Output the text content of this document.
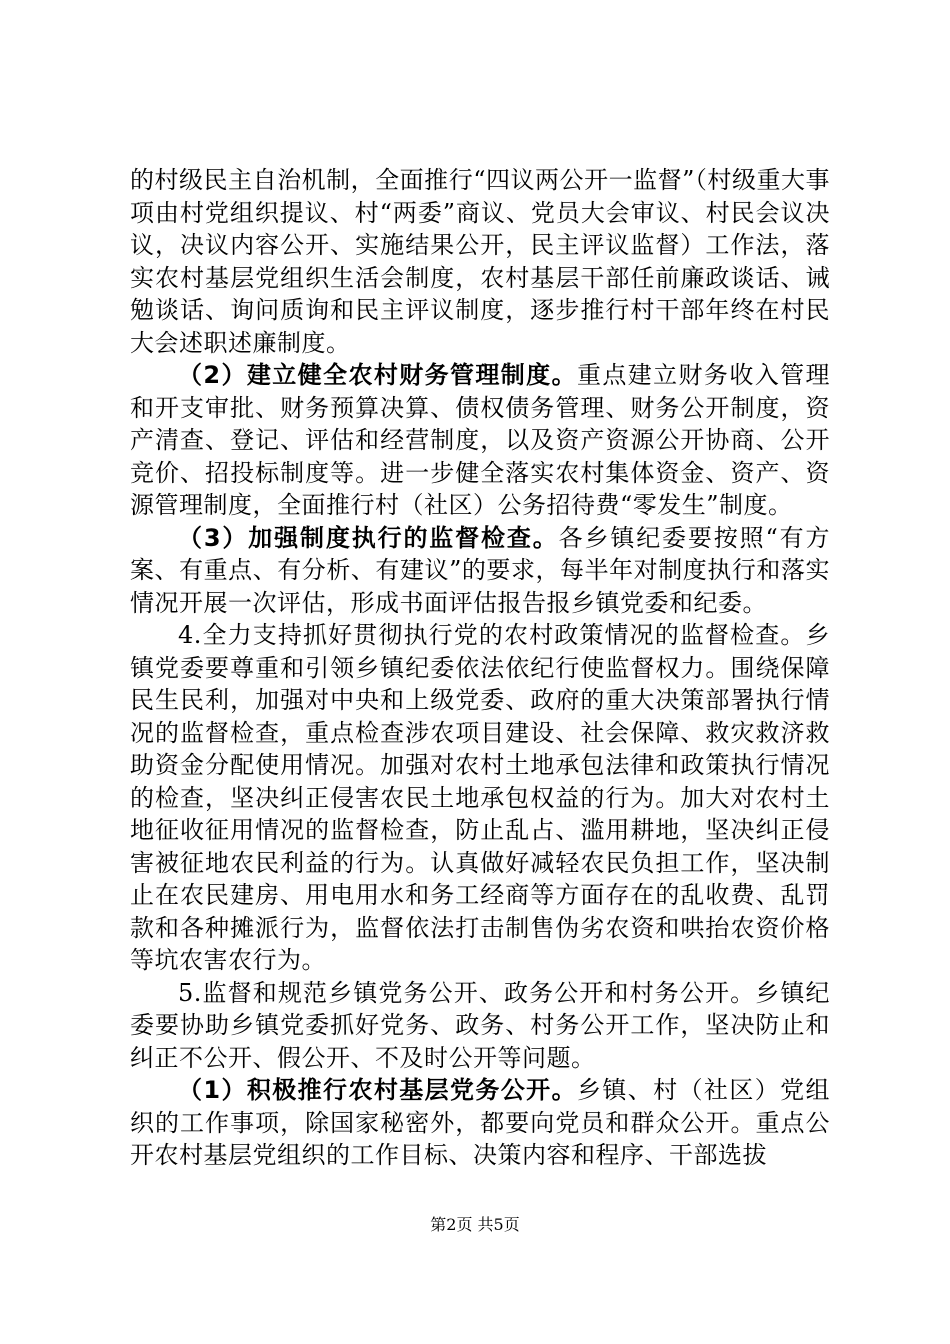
的村级民主自治机制，全面推行“四议两公开一监督”（村级重大事项由村党组织提议、村“两委”商议、党员大会审议、村民会议决议，决议内容公开、实施结果公开，民主评议监督）工作法，落实农村基层党组织生活会制度，农村基层干部任前廉政谈话、诫勉谈话、询问质询和民主评议制度，逐步推行村干部年终在村民大会述职述廉制度。

（2）建立健全农村财务管理制度。重点建立财务收入管理和开支审批、财务预算决算、债权债务管理、财务公开制度，资产清查、登记、评估和经营制度，以及资产资源公开协商、公开竞价、招投标制度等。进一步健全落实农村集体资金、资产、资源管理制度，全面推行村（社区）公务招待费“零发生”制度。

（3）加强制度执行的监督检查。各乡镇纪委要按照“有方案、有重点、有分析、有建议”的要求，每半年对制度执行和落实情况开展一次评估，形成书面评估报告报乡镇党委和纪委。

4.全力支持抓好贯彻执行党的农村政策情况的监督检查。乡镇党委要尊重和引领乡镇纪委依法依纪行使监督权力。围绕保障民生民利，加强对中央和上级党委、政府的重大决策部署执行情况的监督检查，重点检查涉农项目建设、社会保障、救灾救济救助资金分配使用情况。加强对农村土地承包法律和政策执行情况的检查，坚决纠正侵害农民土地承包权益的行为。加大对农村土地征收征用情况的监督检查，防止乱占、滥用耕地，坚决纠正侵害被征地农民利益的行为。认真做好减轻农民负担工作，坚决制止在农民建房、用电用水和务工经商等方面存在的乱收费、乱罚款和各种摊派行为，监督依法打击制售伪劣农资和哄抬农资价格等坑农害农行为。

5.监督和规范乡镇党务公开、政务公开和村务公开。乡镇纪委要协助乡镇党委抓好党务、政务、村务公开工作，坚决防止和纠正不公开、假公开、不及时公开等问题。

（1）积极推行农村基层党务公开。乡镇、村（社区）党组织的工作事项，除国家秘密外，都要向党员和群众公开。重点公开农村基层党组织的工作目标、决策内容和程序、干部选拔

第2页 共5页
